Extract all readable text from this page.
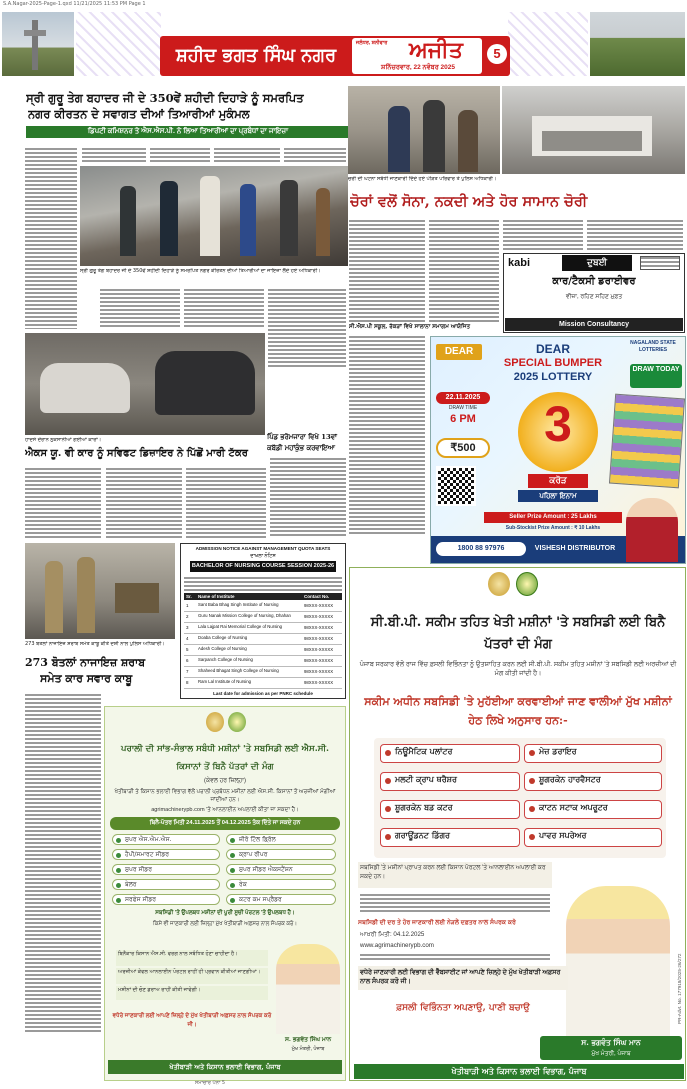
S.A.Nagar-2025-Page-1.qxd 11/21/2025 11:53 PM Page 1
ਸ਼ਹੀਦ ਭਗਤ ਸਿੰਘ ਨਗਰ
ਜਲੰਧਰ, ਸ਼ਨੀਵਾਰ ਅਜੀਤ
ਸ਼ਨਿੱਚਰਵਾਰ, 22 ਨਵੰਬਰ 2025
5
ਸ੍ਰੀ ਗੁਰੂ ਤੇਗ ਬਹਾਦਰ ਜੀ ਦੇ 350ਵੇਂ ਸ਼ਹੀਦੀ ਦਿਹਾੜੇ ਨੂੰ ਸਮਰਪਿਤ
ਨਗਰ ਕੀਰਤਨ ਦੇ ਸਵਾਗਤ ਦੀਆਂ ਤਿਆਰੀਆਂ ਮੁਕੰਮਲ
ਡਿਪਟੀ ਕਮਿਸ਼ਨਰ ਤੇ ਐਸ.ਐਸ.ਪੀ. ਨੇ ਲਿਆ ਤਿਆਰੀਆਂ ਦਾ ਪ੍ਰਬੰਧਾਂ ਦਾ ਜਾਇਜ਼ਾ
ਸ੍ਰੀ ਗੁਰੂ ਤੇਗ ਬਹਾਦਰ ਜੀ ਦੇ 350ਵੇਂ ਸ਼ਹੀਦੀ ਦਿਹਾੜੇ ਨੂੰ ਸਮਰਪਿਤ ਨਗਰ ਕੀਰਤਨ ਦੀਆਂ ਤਿਆਰੀਆਂ ਦਾ ਜਾਇਜ਼ਾ ਲੈਂਦੇ ਹੋਏ ਅਧਿਕਾਰੀ।
ਹਾਦਸੇ ਦੌਰਾਨ ਨੁਕਸਾਨੀਆਂ ਗਈਆਂ ਕਾਰਾਂ।
ਐਕਸ ਯੂ. ਵੀ ਕਾਰ ਨੂੰ ਸਵਿਫਟ ਡਿਜ਼ਾਇਰ ਨੇ ਪਿੱਛੋਂ ਮਾਰੀ ਟੱਕਰ
ਪਿੰਡ ਭਰੋਮਜਾਰਾ ਵਿਖੇ 13ਵਾਂ ਕਬੱਡੀ ਮਹਾਂਕੁੰਭ ਕਰਵਾਇਆ
ਚੋਰੀ ਦੀ ਘਟਨਾ ਸਬੰਧੀ ਜਾਣਕਾਰੀ ਦਿੰਦੇ ਹੋਏ ਪੀੜਤ ਪਰਿਵਾਰ ਤੇ ਪੁਲਿਸ ਅਧਿਕਾਰੀ।
ਚੋਰਾਂ ਵਲੋਂ ਸੋਨਾ, ਨਕਦੀ ਅਤੇ ਹੋਰ ਸਾਮਾਨ ਚੋਰੀ
ਸੀ.ਐਸ.ਪੀ ਸਕੂਲ, ਰੱਕੜਾਂ ਵਿਖੇ ਸਾਲਾਨਾ ਸਮਾਗਮ ਆਯੋਜਿਤ
kabi	ਦੁਬਈ
ਕਾਰ/ਟੈਕਸੀ ਡਰਾਈਵਰ
ਵੀਜ਼ਾ, ਰਹਿਣ ਸਹਿਣ ਮੁਫ਼ਤ
Mission Consultancy
DEAR
NAGALAND STATE LOTTERIES
DEAR
SPECIAL BUMPER
2025 LOTTERY
DRAW TODAY
22.11.2025
DRAW TIME
6 PM
₹500	3
ਕਰੋੜ
ਪਹਿਲਾ ਇਨਾਮ
Seller Prize Amount : 25 Lakhs
Sub-Stockist Prize Amount : ₹ 10 Lakhs
1800 88 97976	VISHESH DISTRIBUTOR
273 ਬੋਤਲਾਂ ਨਾਜਾਇਜ਼ ਸ਼ਰਾਬ ਸਮੇਤ ਕਾਬੂ ਕੀਤੇ ਦੋਸ਼ੀ ਨਾਲ ਪੁਲਿਸ ਅਧਿਕਾਰੀ।
273 ਬੋਤਲਾਂ ਨਾਜਾਇਜ਼ ਸ਼ਰਾਬ
ਸਮੇਤ ਕਾਰ ਸਵਾਰ ਕਾਬੂ
ADMISSION NOTICE AGAINST MANAGEMENT QUOTA SEATS
ਦਾਖ਼ਲਾ ਨੋਟਿਸ
BACHELOR OF NURSING COURSE SESSION 2025-26
Sr.	Name of Institute	Contact No.
1	Sant Baba Bhag Singh Institute of Nursing	98XXX-XXXXX
2	Guru Nanak Mission College of Nursing, Dhahan	98XXX-XXXXX
3	Lala Lajpat Rai Memorial College of Nursing	98XXX-XXXXX
4	Doaba College of Nursing	98XXX-XXXXX
5	Adesh College of Nursing	98XXX-XXXXX
6	Sarpanch College of Nursing	98XXX-XXXXX
7	Shaheed Bhagat Singh College of Nursing	98XXX-XXXXX
8	Ram Lal Institute of Nursing	98XXX-XXXXX
Last date for admission as per PNRC schedule
ਸੀ.ਬੀ.ਪੀ. ਸਕੀਮ ਤਹਿਤ ਖੇਤੀ ਮਸ਼ੀਨਾਂ 'ਤੇ ਸਬਸਿਡੀ ਲਈ ਬਿਨੈ ਪੱਤਰਾਂ ਦੀ ਮੰਗ
ਪੰਜਾਬ ਸਰਕਾਰ ਵੱਲੋਂ ਰਾਜ ਵਿੱਚ ਫ਼ਸਲੀ ਵਿਭਿੰਨਤਾ ਨੂੰ ਉਤਸ਼ਾਹਿਤ ਕਰਨ ਲਈ ਸੀ.ਬੀ.ਪੀ. ਸਕੀਮ ਤਹਿਤ ਮਸ਼ੀਨਾਂ 'ਤੇ ਸਬਸਿਡੀ ਲਈ ਅਰਜ਼ੀਆਂ ਦੀ ਮੰਗ ਕੀਤੀ ਜਾਂਦੀ ਹੈ।
ਸਕੀਮ ਅਧੀਨ ਸਬਸਿਡੀ 'ਤੇ ਮੁਹੱਈਆ ਕਰਵਾਈਆਂ ਜਾਣ ਵਾਲੀਆਂ ਮੁੱਖ ਮਸ਼ੀਨਾਂ ਹੇਠ ਲਿਖੇ ਅਨੁਸਾਰ ਹਨ:-
ਨਿਊਮੈਟਿਕ ਪਲਾਂਟਰ	ਮੇਜ਼ ਡਰਾਇਰ
ਮਲਟੀ ਕ੍ਰਾਪ ਥਰੈਸ਼ਰ	ਸ਼ੂਗਰਕੇਨ ਹਾਰਵੈਸਟਰ
ਸ਼ੂਗਰਕੇਨ ਬਡ ਕਟਰ	ਕਾਟਨ ਸਟਾਕ ਅਪਰੂਟਰ
ਗਰਾਊਂਡਨਟ ਡਿੱਗਰ	ਪਾਵਰ ਸਪਰੇਅਰ
ਸਬਸਿਡੀ 'ਤੇ ਮਸ਼ੀਨਾਂ ਪ੍ਰਾਪਤ ਕਰਨ ਲਈ ਕਿਸਾਨ ਪੋਰਟਲ 'ਤੇ ਆਨਲਾਈਨ ਅਪਲਾਈ ਕਰ ਸਕਦੇ ਹਨ।
ਸਬਸਿਡੀ ਦੀ ਦਰ ਤੇ ਹੋਰ ਜਾਣਕਾਰੀ ਲਈ ਨੇੜਲੇ ਦਫ਼ਤਰ ਨਾਲ ਸੰਪਰਕ ਕਰੋ
ਆਖ਼ਰੀ ਮਿਤੀ: 04.12.2025
www.agrimachinerypb.com
ਵਧੇਰੇ ਜਾਣਕਾਰੀ ਲਈ ਵਿਭਾਗ ਦੀ ਵੈੱਬਸਾਈਟ ਜਾਂ ਆਪਣੇ ਜ਼ਿਲ੍ਹੇ ਦੇ ਮੁੱਖ ਖੇਤੀਬਾੜੀ ਅਫ਼ਸਰ ਨਾਲ ਸੰਪਰਕ ਕਰੋ ਜੀ।
ਫ਼ਸਲੀ ਵਿਭਿੰਨਤਾ ਅਪਣਾਉ, ਪਾਣੀ ਬਚਾਉ
ਸ. ਭਗਵੰਤ ਸਿੰਘ ਮਾਨ
ਮੁੱਖ ਮੰਤਰੀ, ਪੰਜਾਬ
ਖੇਤੀਬਾੜੀ ਅਤੇ ਕਿਸਾਨ ਭਲਾਈ ਵਿਭਾਗ, ਪੰਜਾਬ
PR-Advt. No. 177918/2025-26/272
ਪਰਾਲੀ ਦੀ ਸਾਂਭ-ਸੰਭਾਲ ਸਬੰਧੀ ਮਸ਼ੀਨਾਂ 'ਤੇ ਸਬਸਿਡੀ ਲਈ ਐਸ.ਸੀ. ਕਿਸਾਨਾਂ ਤੋਂ ਬਿਨੈ ਪੱਤਰਾਂ ਦੀ ਮੰਗ
(ਕੇਵਲ ਹਰ ਜ਼ਿਲ੍ਹਾ)
ਖੇਤੀਬਾੜੀ ਤੇ ਕਿਸਾਨ ਭਲਾਈ ਵਿਭਾਗ ਵੱਲੋਂ ਪਰਾਲੀ ਪ੍ਰਬੰਧਨ ਮਸ਼ੀਨਾਂ ਲਈ ਐਸ.ਸੀ. ਕਿਸਾਨਾਂ ਤੋਂ ਅਰਜ਼ੀਆਂ ਮੰਗੀਆਂ ਜਾਂਦੀਆਂ ਹਨ।
agrimachinerypb.com 'ਤੇ ਆਨਲਾਈਨ ਅਪਲਾਈ ਕੀਤਾ ਜਾ ਸਕਦਾ ਹੈ।
ਬਿਨੈ-ਪੱਤਰ ਮਿਤੀ 24.11.2025 ਤੋਂ 04.12.2025 ਤੱਕ ਦਿੱਤੇ ਜਾ ਸਕਦੇ ਹਨ
ਸੁਪਰ ਐਸ.ਐਮ.ਐਸ.	ਜ਼ੀਰੋ ਟਿੱਲ ਡ੍ਰਿੱਲ
ਹੈਪੀ/ਸਮਾਰਟ ਸੀਡਰ	ਕ੍ਰਾਪ ਰੀਪਰ
ਸੁਪਰ ਸੀਡਰ	ਸੁਪਰ ਸੀਡਰ ਐਕਸਟੈਂਸ਼ਨ
ਬੇਲਰ	ਰੇਕ
ਸਰਫੇਸ ਸੀਡਰ	ਕਟਰ ਕਮ ਸਪ੍ਰੈਡਰ
ਸਬਸਿਡੀ 'ਤੇ ਉਪਲਬਧ ਮਸ਼ੀਨਾਂ ਦੀ ਪੂਰੀ ਸੂਚੀ ਪੋਰਟਲ 'ਤੇ ਉਪਲਬਧ ਹੈ।
ਕਿਸੇ ਵੀ ਜਾਣਕਾਰੀ ਲਈ ਜ਼ਿਲ੍ਹਾ ਮੁੱਖ ਖੇਤੀਬਾੜੀ ਅਫ਼ਸਰ ਨਾਲ ਸੰਪਰਕ ਕਰੋ।
ਬਿਨੈਕਾਰ ਕਿਸਾਨ ਐਸ.ਸੀ. ਵਰਗ ਨਾਲ ਸਬੰਧਿਤ ਹੋਣਾ ਚਾਹੀਦਾ ਹੈ।
ਅਰਜ਼ੀਆਂ ਕੇਵਲ ਆਨਲਾਈਨ ਪੋਰਟਲ ਰਾਹੀਂ ਹੀ ਪ੍ਰਵਾਨ ਕੀਤੀਆਂ ਜਾਣਗੀਆਂ।
ਮਸ਼ੀਨਾਂ ਦੀ ਚੋਣ ਡਰਾਅ ਰਾਹੀਂ ਕੀਤੀ ਜਾਵੇਗੀ।
ਵਧੇਰੇ ਜਾਣਕਾਰੀ ਲਈ ਆਪਣੇ ਜ਼ਿਲ੍ਹੇ ਦੇ ਮੁੱਖ ਖੇਤੀਬਾੜੀ ਅਫ਼ਸਰ ਨਾਲ ਸੰਪਰਕ ਕਰੋ ਜੀ।
ਸ. ਭਗਵੰਤ ਸਿੰਘ ਮਾਨ
ਮੁੱਖ ਮੰਤਰੀ, ਪੰਜਾਬ
ਖੇਤੀਬਾੜੀ ਅਤੇ ਕਿਸਾਨ ਭਲਾਈ ਵਿਭਾਗ, ਪੰਜਾਬ
ਸਮਾਚਾਰ ਪੰਨਾ 5
